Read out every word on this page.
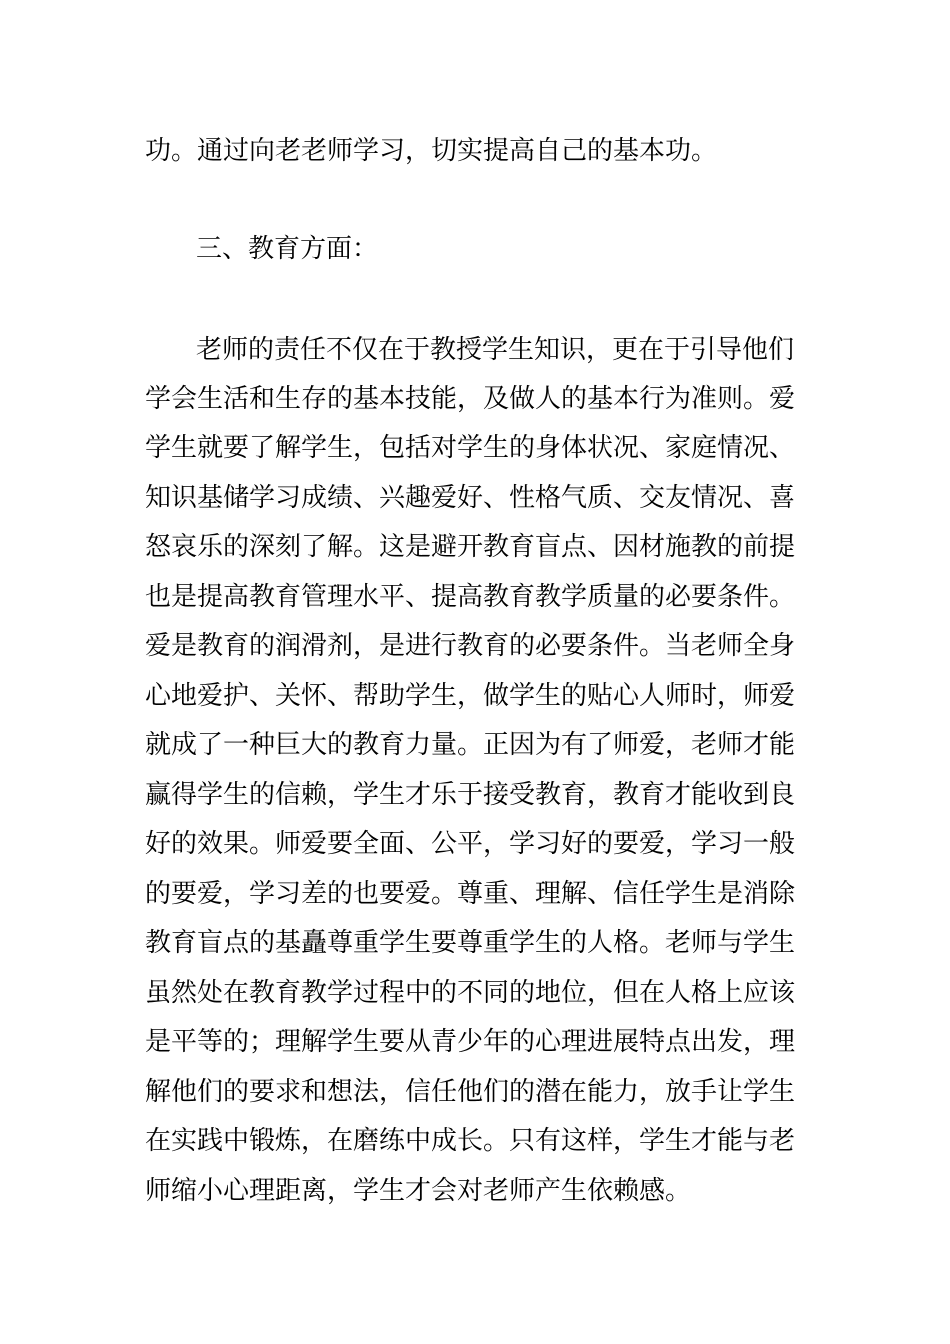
功。通过向老老师学习，切实提高自己的基本功。
三、教育方面：
老师的责任不仅在于教授学生知识，更在于引导他们
学会生活和生存的基本技能，及做人的基本行为准则。爱
学生就要了解学生，包括对学生的身体状况、家庭情况、
知识基储学习成绩、兴趣爱好、性格气质、交友情况、喜
怒哀乐的深刻了解。这是避开教育盲点、因材施教的前提
也是提高教育管理水平、提高教育教学质量的必要条件。
爱是教育的润滑剂，是进行教育的必要条件。当老师全身
心地爱护、关怀、帮助学生，做学生的贴心人师时，师爱
就成了一种巨大的教育力量。正因为有了师爱，老师才能
赢得学生的信赖，学生才乐于接受教育，教育才能收到良
好的效果。师爱要全面、公平，学习好的要爱，学习一般
的要爱，学习差的也要爱。尊重、理解、信任学生是消除
教育盲点的基矗尊重学生要尊重学生的人格。老师与学生
虽然处在教育教学过程中的不同的地位，但在人格上应该
是平等的；理解学生要从青少年的心理进展特点出发，理
解他们的要求和想法，信任他们的潜在能力，放手让学生
在实践中锻炼，在磨练中成长。只有这样，学生才能与老
师缩小心理距离，学生才会对老师产生依赖感。
